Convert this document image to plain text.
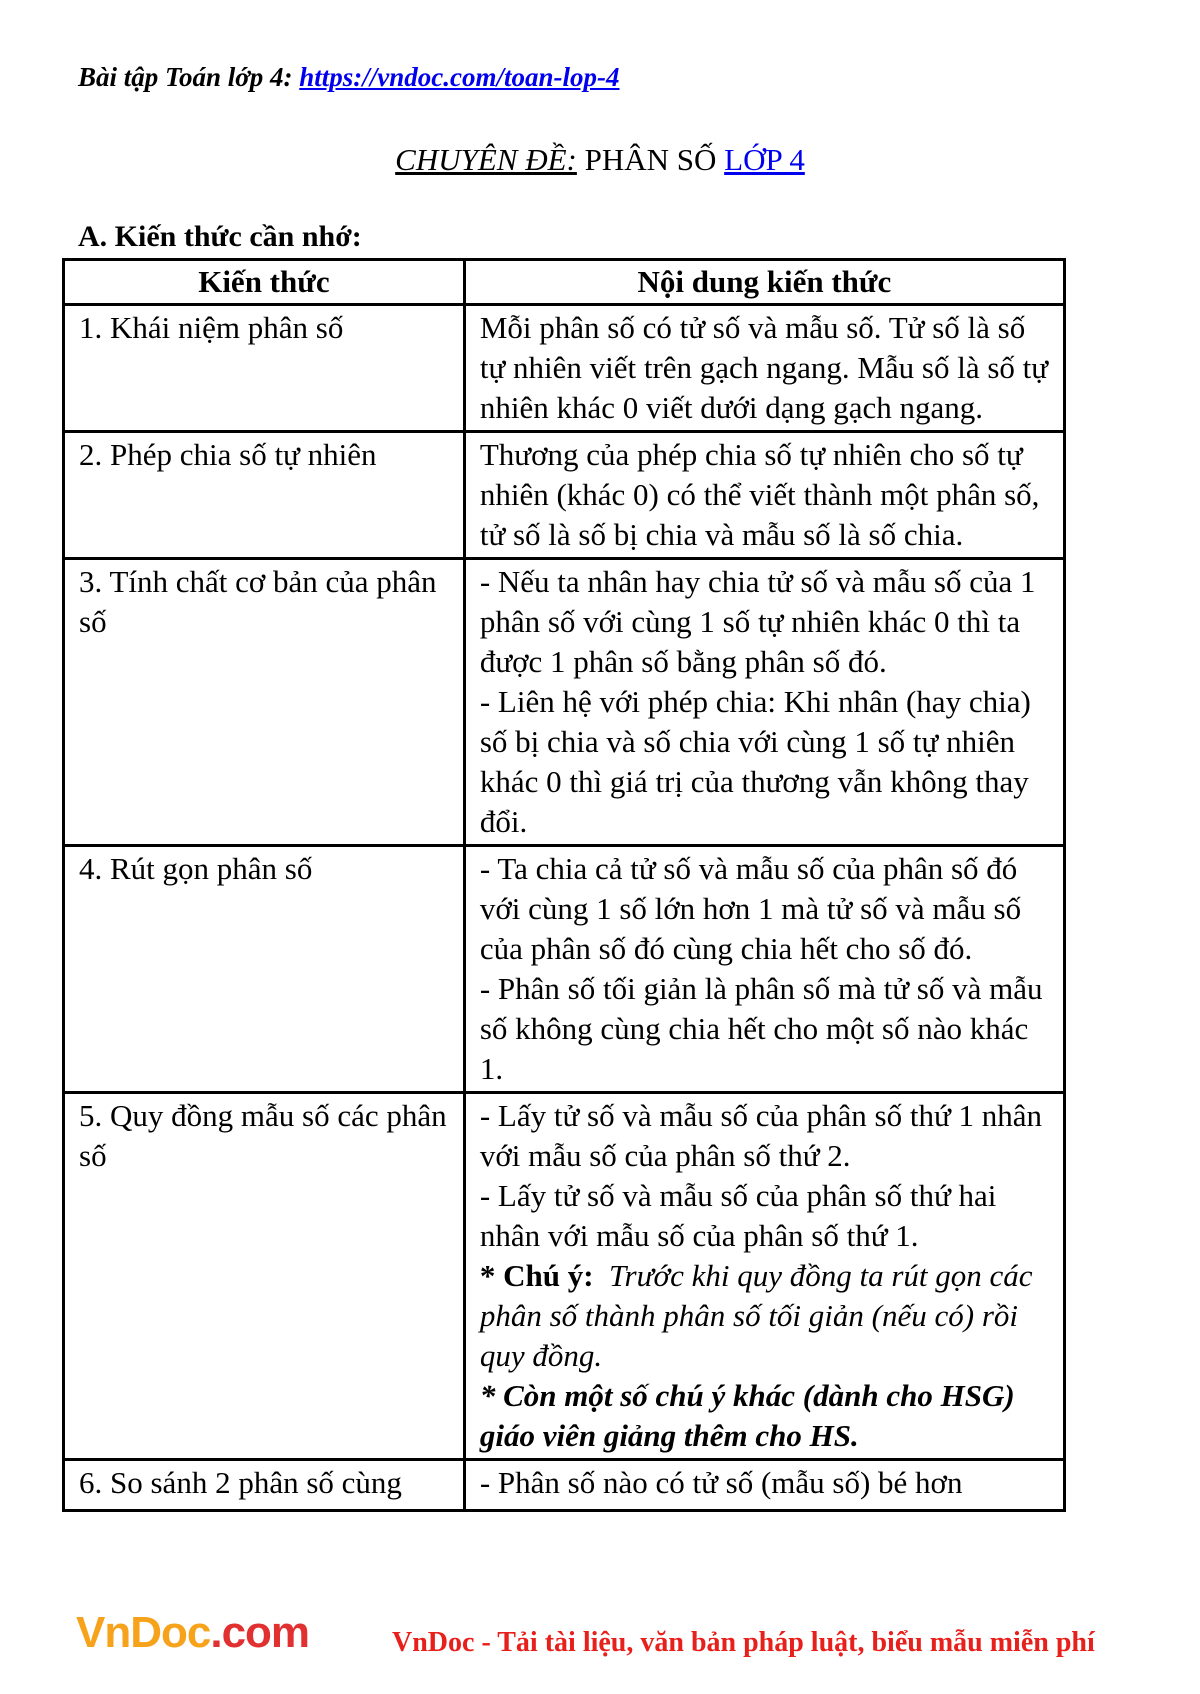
Bài tập Toán lớp 4: https://vndoc.com/toan-lop-4
CHUYÊN ĐỀ: PHÂN SỐ LỚP 4
A. Kiến thức cần nhớ:
Kiến thức	Nội dung kiến thức
1. Khái niệm phân số	Mỗi phân số có tử số và mẫu số. Tử số là số tự nhiên viết trên gạch ngang. Mẫu số là số tự nhiên khác 0 viết dưới dạng gạch ngang.

2. Phép chia số tự nhiên	Thương của phép chia số tự nhiên cho số tự nhiên (khác 0) có thể viết thành một phân số, tử số là số bị chia và mẫu số là số chia.

3. Tính chất cơ bản của phân số	- Nếu ta nhân hay chia tử số và mẫu số của 1 phân số với cùng 1 số tự nhiên khác 0 thì ta được 1 phân số bằng phân số đó.
- Liên hệ với phép chia: Khi nhân (hay chia) số bị chia và số chia với cùng 1 số tự nhiên khác 0 thì giá trị của thương vẫn không thay đổi.

4. Rút gọn phân số	- Ta chia cả tử số và mẫu số của phân số đó với cùng 1 số lớn hơn 1 mà tử số và mẫu số của phân số đó cùng chia hết cho số đó.
- Phân số tối giản là phân số mà tử số và mẫu số không cùng chia hết cho một số nào khác 1.

5. Quy đồng mẫu số các phân số	- Lấy tử số và mẫu số của phân số thứ 1 nhân với mẫu số của phân số thứ 2.
- Lấy tử số và mẫu số của phân số thứ hai nhân với mẫu số của phân số thứ 1.
* Chú ý: Trước khi quy đồng ta rút gọn các phân số thành phân số tối giản (nếu có) rồi quy đồng.
* Còn một số chú ý khác (dành cho HSG) giáo viên giảng thêm cho HS.

6. So sánh 2 phân số cùng	- Phân số nào có tử số (mẫu số) bé hơn
VnDoc.com	VnDoc - Tải tài liệu, văn bản pháp luật, biểu mẫu miễn phí
